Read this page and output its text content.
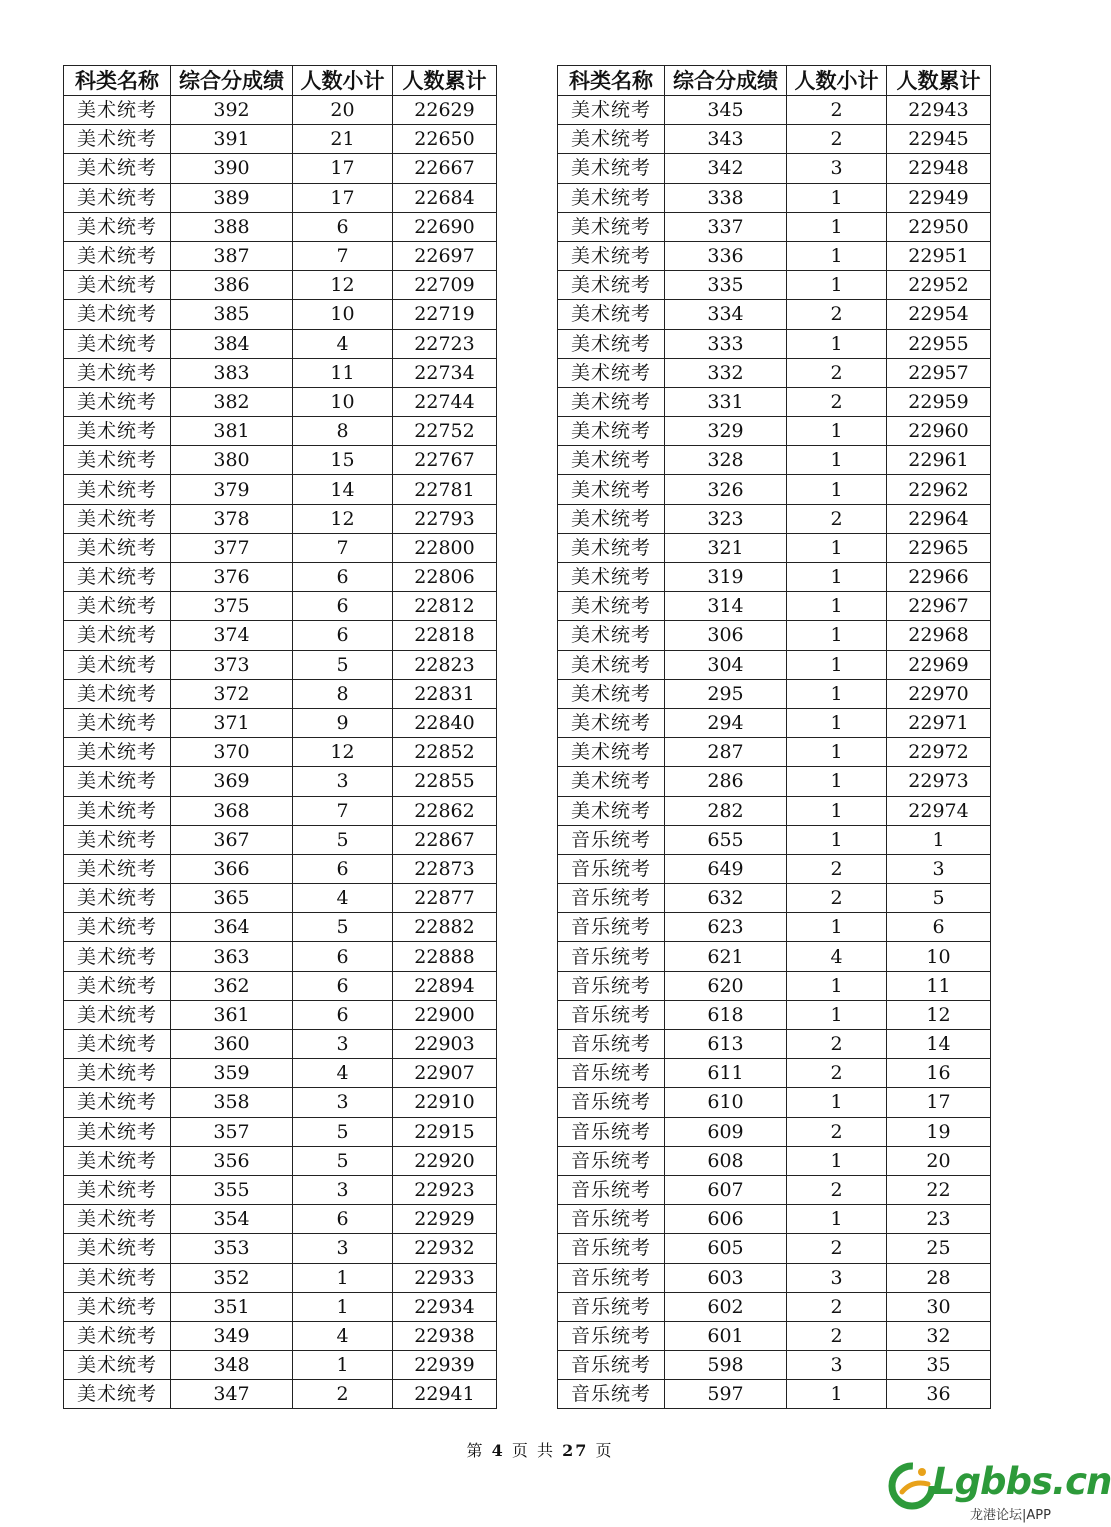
科类名称	综合分成绩	人数小计	人数累计
美术统考	392	20	22629
美术统考	391	21	22650
美术统考	390	17	22667
美术统考	389	17	22684
美术统考	388	6	22690
美术统考	387	7	22697
美术统考	386	12	22709
美术统考	385	10	22719
美术统考	384	4	22723
美术统考	383	11	22734
美术统考	382	10	22744
美术统考	381	8	22752
美术统考	380	15	22767
美术统考	379	14	22781
美术统考	378	12	22793
美术统考	377	7	22800
美术统考	376	6	22806
美术统考	375	6	22812
美术统考	374	6	22818
美术统考	373	5	22823
美术统考	372	8	22831
美术统考	371	9	22840
美术统考	370	12	22852
美术统考	369	3	22855
美术统考	368	7	22862
美术统考	367	5	22867
美术统考	366	6	22873
美术统考	365	4	22877
美术统考	364	5	22882
美术统考	363	6	22888
美术统考	362	6	22894
美术统考	361	6	22900
美术统考	360	3	22903
美术统考	359	4	22907
美术统考	358	3	22910
美术统考	357	5	22915
美术统考	356	5	22920
美术统考	355	3	22923
美术统考	354	6	22929
美术统考	353	3	22932
美术统考	352	1	22933
美术统考	351	1	22934
美术统考	349	4	22938
美术统考	348	1	22939
美术统考	347	2	22941
科类名称	综合分成绩	人数小计	人数累计
美术统考	345	2	22943
美术统考	343	2	22945
美术统考	342	3	22948
美术统考	338	1	22949
美术统考	337	1	22950
美术统考	336	1	22951
美术统考	335	1	22952
美术统考	334	2	22954
美术统考	333	1	22955
美术统考	332	2	22957
美术统考	331	2	22959
美术统考	329	1	22960
美术统考	328	1	22961
美术统考	326	1	22962
美术统考	323	2	22964
美术统考	321	1	22965
美术统考	319	1	22966
美术统考	314	1	22967
美术统考	306	1	22968
美术统考	304	1	22969
美术统考	295	1	22970
美术统考	294	1	22971
美术统考	287	1	22972
美术统考	286	1	22973
美术统考	282	1	22974
音乐统考	655	1	1
音乐统考	649	2	3
音乐统考	632	2	5
音乐统考	623	1	6
音乐统考	621	4	10
音乐统考	620	1	11
音乐统考	618	1	12
音乐统考	613	2	14
音乐统考	611	2	16
音乐统考	610	1	17
音乐统考	609	2	19
音乐统考	608	1	20
音乐统考	607	2	22
音乐统考	606	1	23
音乐统考	605	2	25
音乐统考	603	3	28
音乐统考	602	2	30
音乐统考	601	2	32
音乐统考	598	3	35
音乐统考	597	1	36
第 4 页 共 27 页
Lgbbs.cn
龙港论坛|APP
